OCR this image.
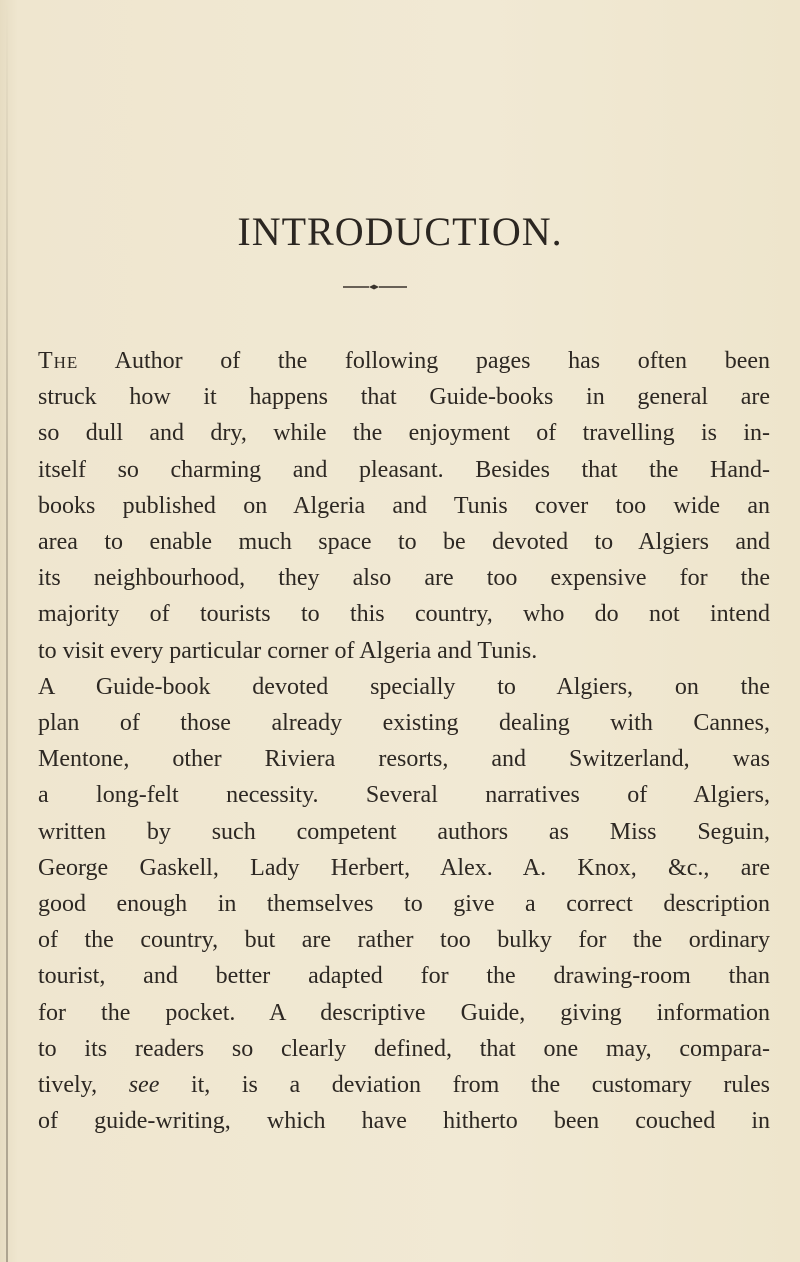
INTRODUCTION.
The Author of the following pages has often been
struck how it happens that Guide-books in general are
so dull and dry, while the enjoyment of travelling is in-
itself so charming and pleasant. Besides that the Hand-
books published on Algeria and Tunis cover too wide an
area to enable much space to be devoted to Algiers and
its neighbourhood, they also are too expensive for the
majority of tourists to this country, who do not intend
to visit every particular corner of Algeria and Tunis.
A Guide-book devoted specially to Algiers, on the
plan of those already existing dealing with Cannes,
Mentone, other Riviera resorts, and Switzerland, was
a long-felt necessity. Several narratives of Algiers,
written by such competent authors as Miss Seguin,
George Gaskell, Lady Herbert, Alex. A. Knox, &c., are
good enough in themselves to give a correct description
of the country, but are rather too bulky for the ordinary
tourist, and better adapted for the drawing-room than
for the pocket. A descriptive Guide, giving information
to its readers so clearly defined, that one may, compara-
tively, see it, is a deviation from the customary rules
of guide-writing, which have hitherto been couched in
